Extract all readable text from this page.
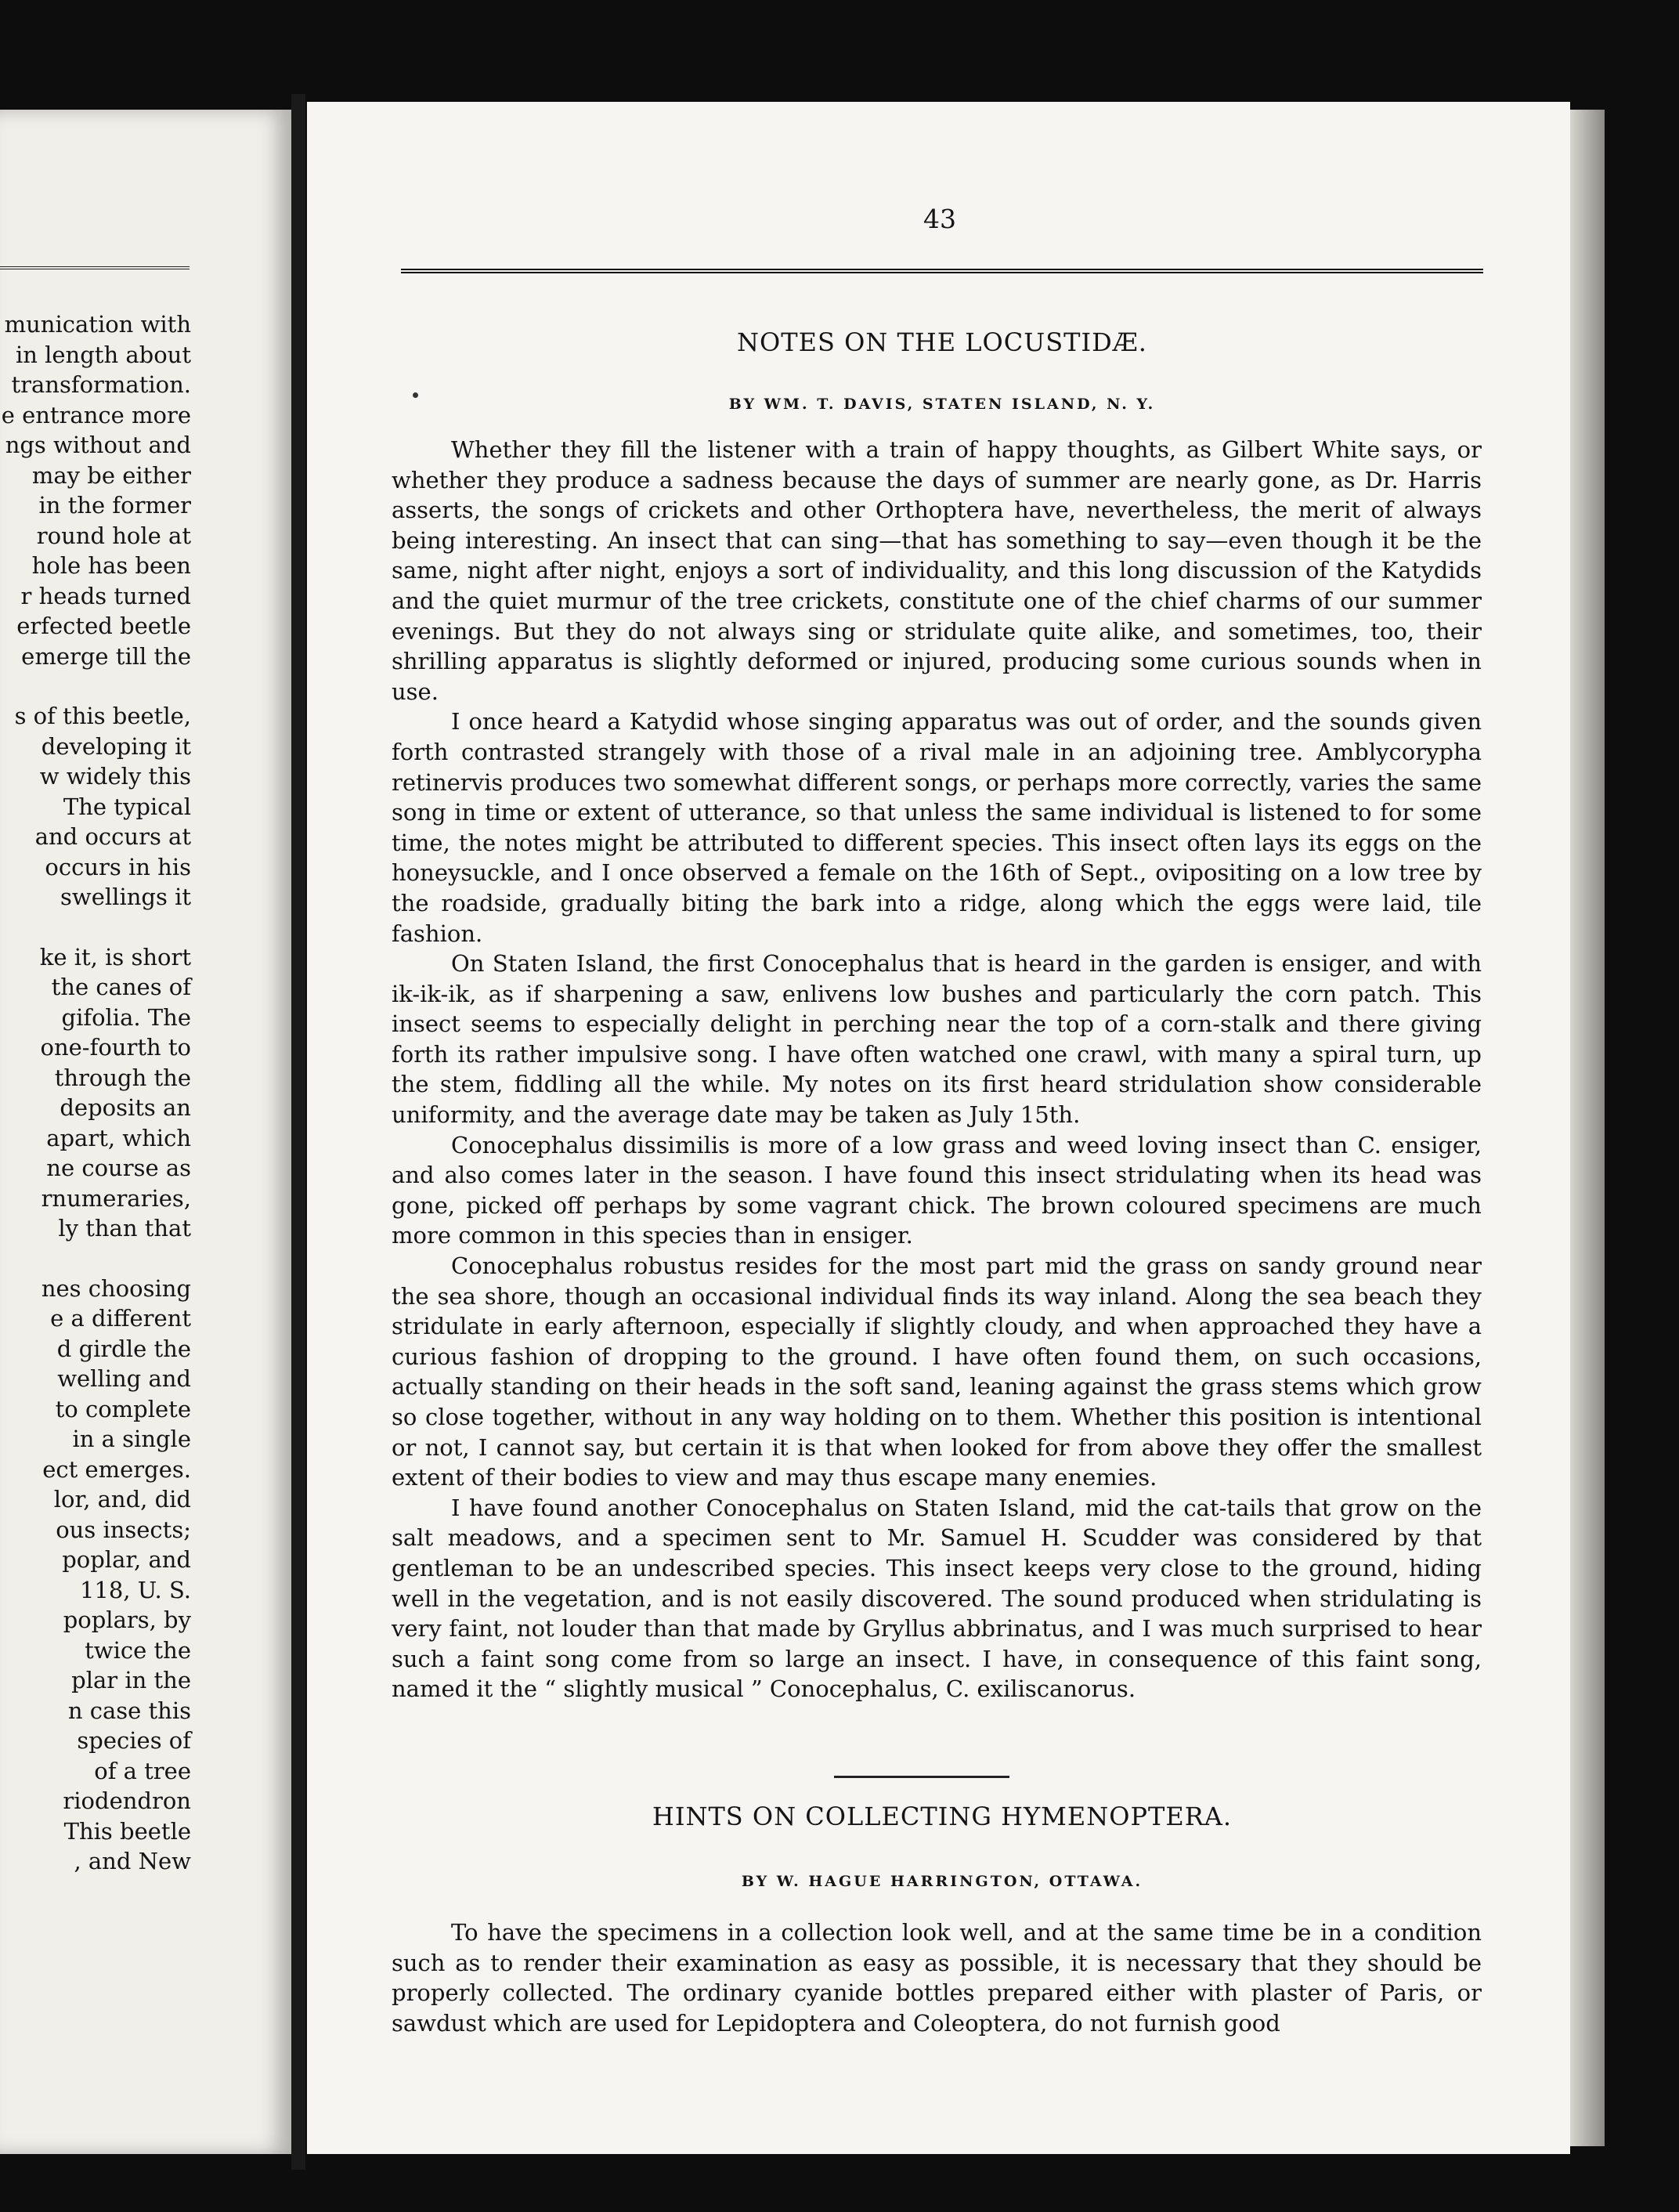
munication with
in length about
transformation.
e entrance more
ngs without and
may be either
in the former
round hole at
hole has been
r heads turned
erfected beetle
emerge till the
s of this beetle,
developing it
w widely this
The typical
and occurs at
occurs in his
swellings it
ke it, is short
the canes of
gifolia. The
one-fourth to
through the
deposits an
apart, which
ne course as
rnumeraries,
ly than that
nes choosing
e a different
d girdle the
welling and
to complete
in a single
ect emerges.
lor, and, did
ous insects;
poplar, and
118, U. S.
poplars, by
twice the
plar in the
n case this
species of
of a tree
riodendron
This beetle
, and New
43
NOTES ON THE LOCUSTIDÆ.
BY WM. T. DAVIS, STATEN ISLAND, N. Y.

Whether they fill the listener with a train of happy thoughts, as Gilbert White says, or whether they produce a sadness because the days of summer are nearly gone, as Dr. Harris asserts, the songs of crickets and other Orthoptera have, nevertheless, the merit of always being interesting. An insect that can sing—that has something to say—even though it be the same, night after night, enjoys a sort of individuality, and this long discussion of the Katydids and the quiet murmur of the tree crickets, constitute one of the chief charms of our summer evenings. But they do not always sing or stridulate quite alike, and sometimes, too, their shrilling apparatus is slightly deformed or injured, producing some curious sounds when in use.

I once heard a Katydid whose singing apparatus was out of order, and the sounds given forth contrasted strangely with those of a rival male in an adjoining tree. Amblycorypha retinervis produces two somewhat different songs, or perhaps more correctly, varies the same song in time or extent of utterance, so that unless the same individual is listened to for some time, the notes might be attributed to different species. This insect often lays its eggs on the honeysuckle, and I once observed a female on the 16th of Sept., ovipositing on a low tree by the roadside, gradually biting the bark into a ridge, along which the eggs were laid, tile fashion.

On Staten Island, the first Conocephalus that is heard in the garden is ensiger, and with ik-ik-ik, as if sharpening a saw, enlivens low bushes and particularly the corn patch. This insect seems to especially delight in perching near the top of a corn-stalk and there giving forth its rather impulsive song. I have often watched one crawl, with many a spiral turn, up the stem, fiddling all the while. My notes on its first heard stridulation show considerable uniformity, and the average date may be taken as July 15th.

Conocephalus dissimilis is more of a low grass and weed loving insect than C. ensiger, and also comes later in the season. I have found this insect stridulating when its head was gone, picked off perhaps by some vagrant chick. The brown coloured specimens are much more common in this species than in ensiger.

Conocephalus robustus resides for the most part mid the grass on sandy ground near the sea shore, though an occasional individual finds its way inland. Along the sea beach they stridulate in early afternoon, especially if slightly cloudy, and when approached they have a curious fashion of dropping to the ground. I have often found them, on such occasions, actually standing on their heads in the soft sand, leaning against the grass stems which grow so close together, without in any way holding on to them. Whether this position is intentional or not, I cannot say, but certain it is that when looked for from above they offer the smallest extent of their bodies to view and may thus escape many enemies.

I have found another Conocephalus on Staten Island, mid the cat-tails that grow on the salt meadows, and a specimen sent to Mr. Samuel H. Scudder was considered by that gentleman to be an undescribed species. This insect keeps very close to the ground, hiding well in the vegetation, and is not easily discovered. The sound produced when stridulating is very faint, not louder than that made by Gryllus abbrinatus, and I was much surprised to hear such a faint song come from so large an insect. I have, in consequence of this faint song, named it the “ slightly musical ” Conocephalus, C. exiliscanorus.

HINTS ON COLLECTING HYMENOPTERA.
BY W. HAGUE HARRINGTON, OTTAWA.

To have the specimens in a collection look well, and at the same time be in a condition such as to render their examination as easy as possible, it is necessary that they should be properly collected. The ordinary cyanide bottles prepared either with plaster of Paris, or sawdust which are used for Lepidoptera and Coleoptera, do not furnish good
